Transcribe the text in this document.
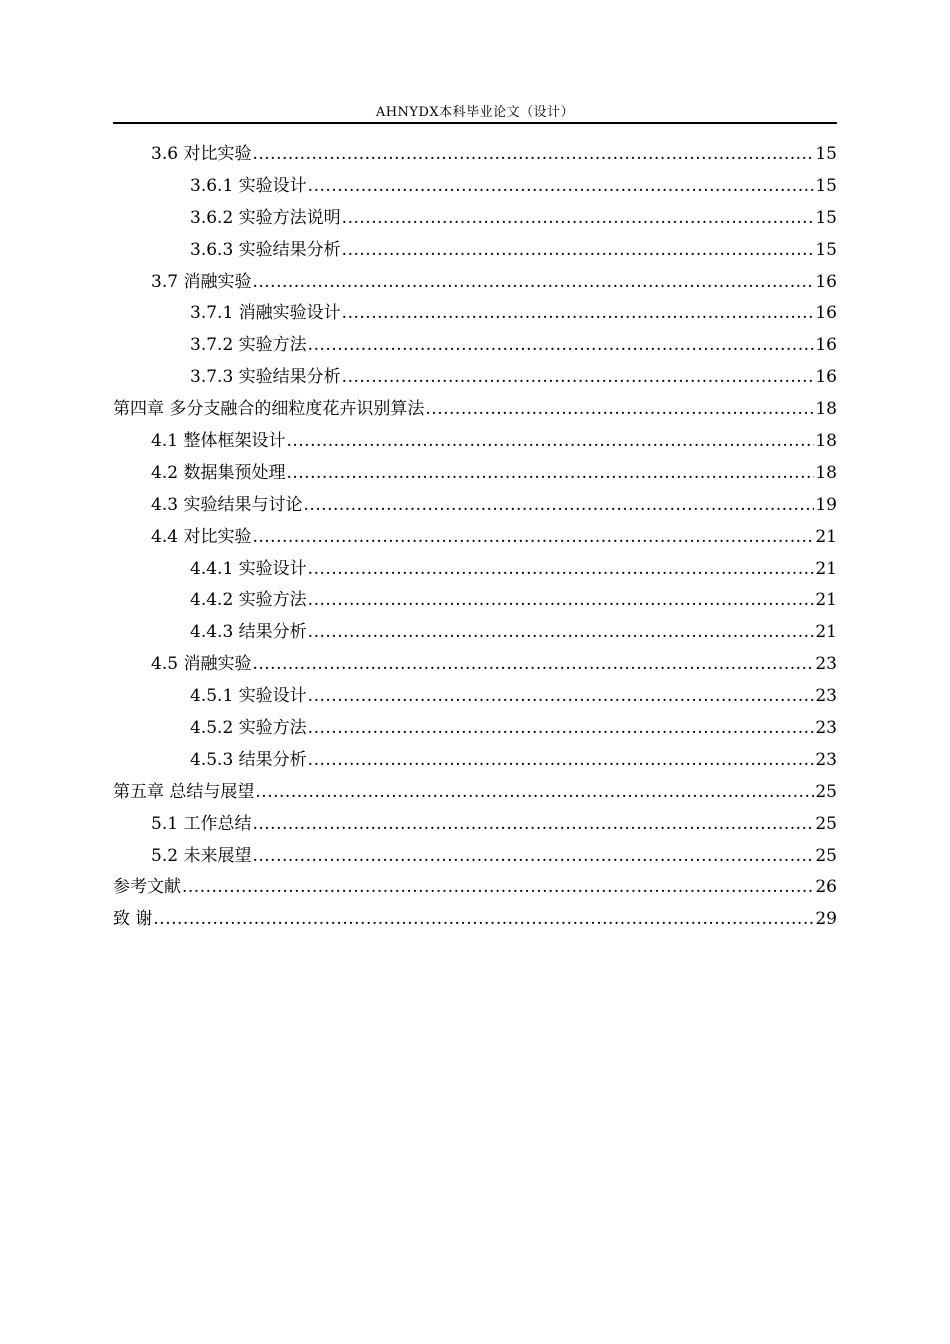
AHNYDX本科毕业论文（设计）
3.6 对比实验 .....	15
3.6.1 实验设计 .....	15
3.6.2 实验方法说明 .....	15
3.6.3 实验结果分析 .....	15
3.7 消融实验 .....	16
3.7.1 消融实验设计 .....	16
3.7.2 实验方法 .....	16
3.7.3 实验结果分析 .....	16
第四章 多分支融合的细粒度花卉识别算法 .....	18
4.1 整体框架设计 .....	18
4.2 数据集预处理 .....	18
4.3 实验结果与讨论 .....	19
4.4 对比实验 .....	21
4.4.1 实验设计 .....	21
4.4.2 实验方法 .....	21
4.4.3 结果分析 .....	21
4.5 消融实验 .....	23
4.5.1 实验设计 .....	23
4.5.2 实验方法 .....	23
4.5.3 结果分析 .....	23
第五章 总结与展望 .....	25
5.1 工作总结 .....	25
5.2 未来展望 .....	25
参考文献 .....	26
致 谢 .....	29
